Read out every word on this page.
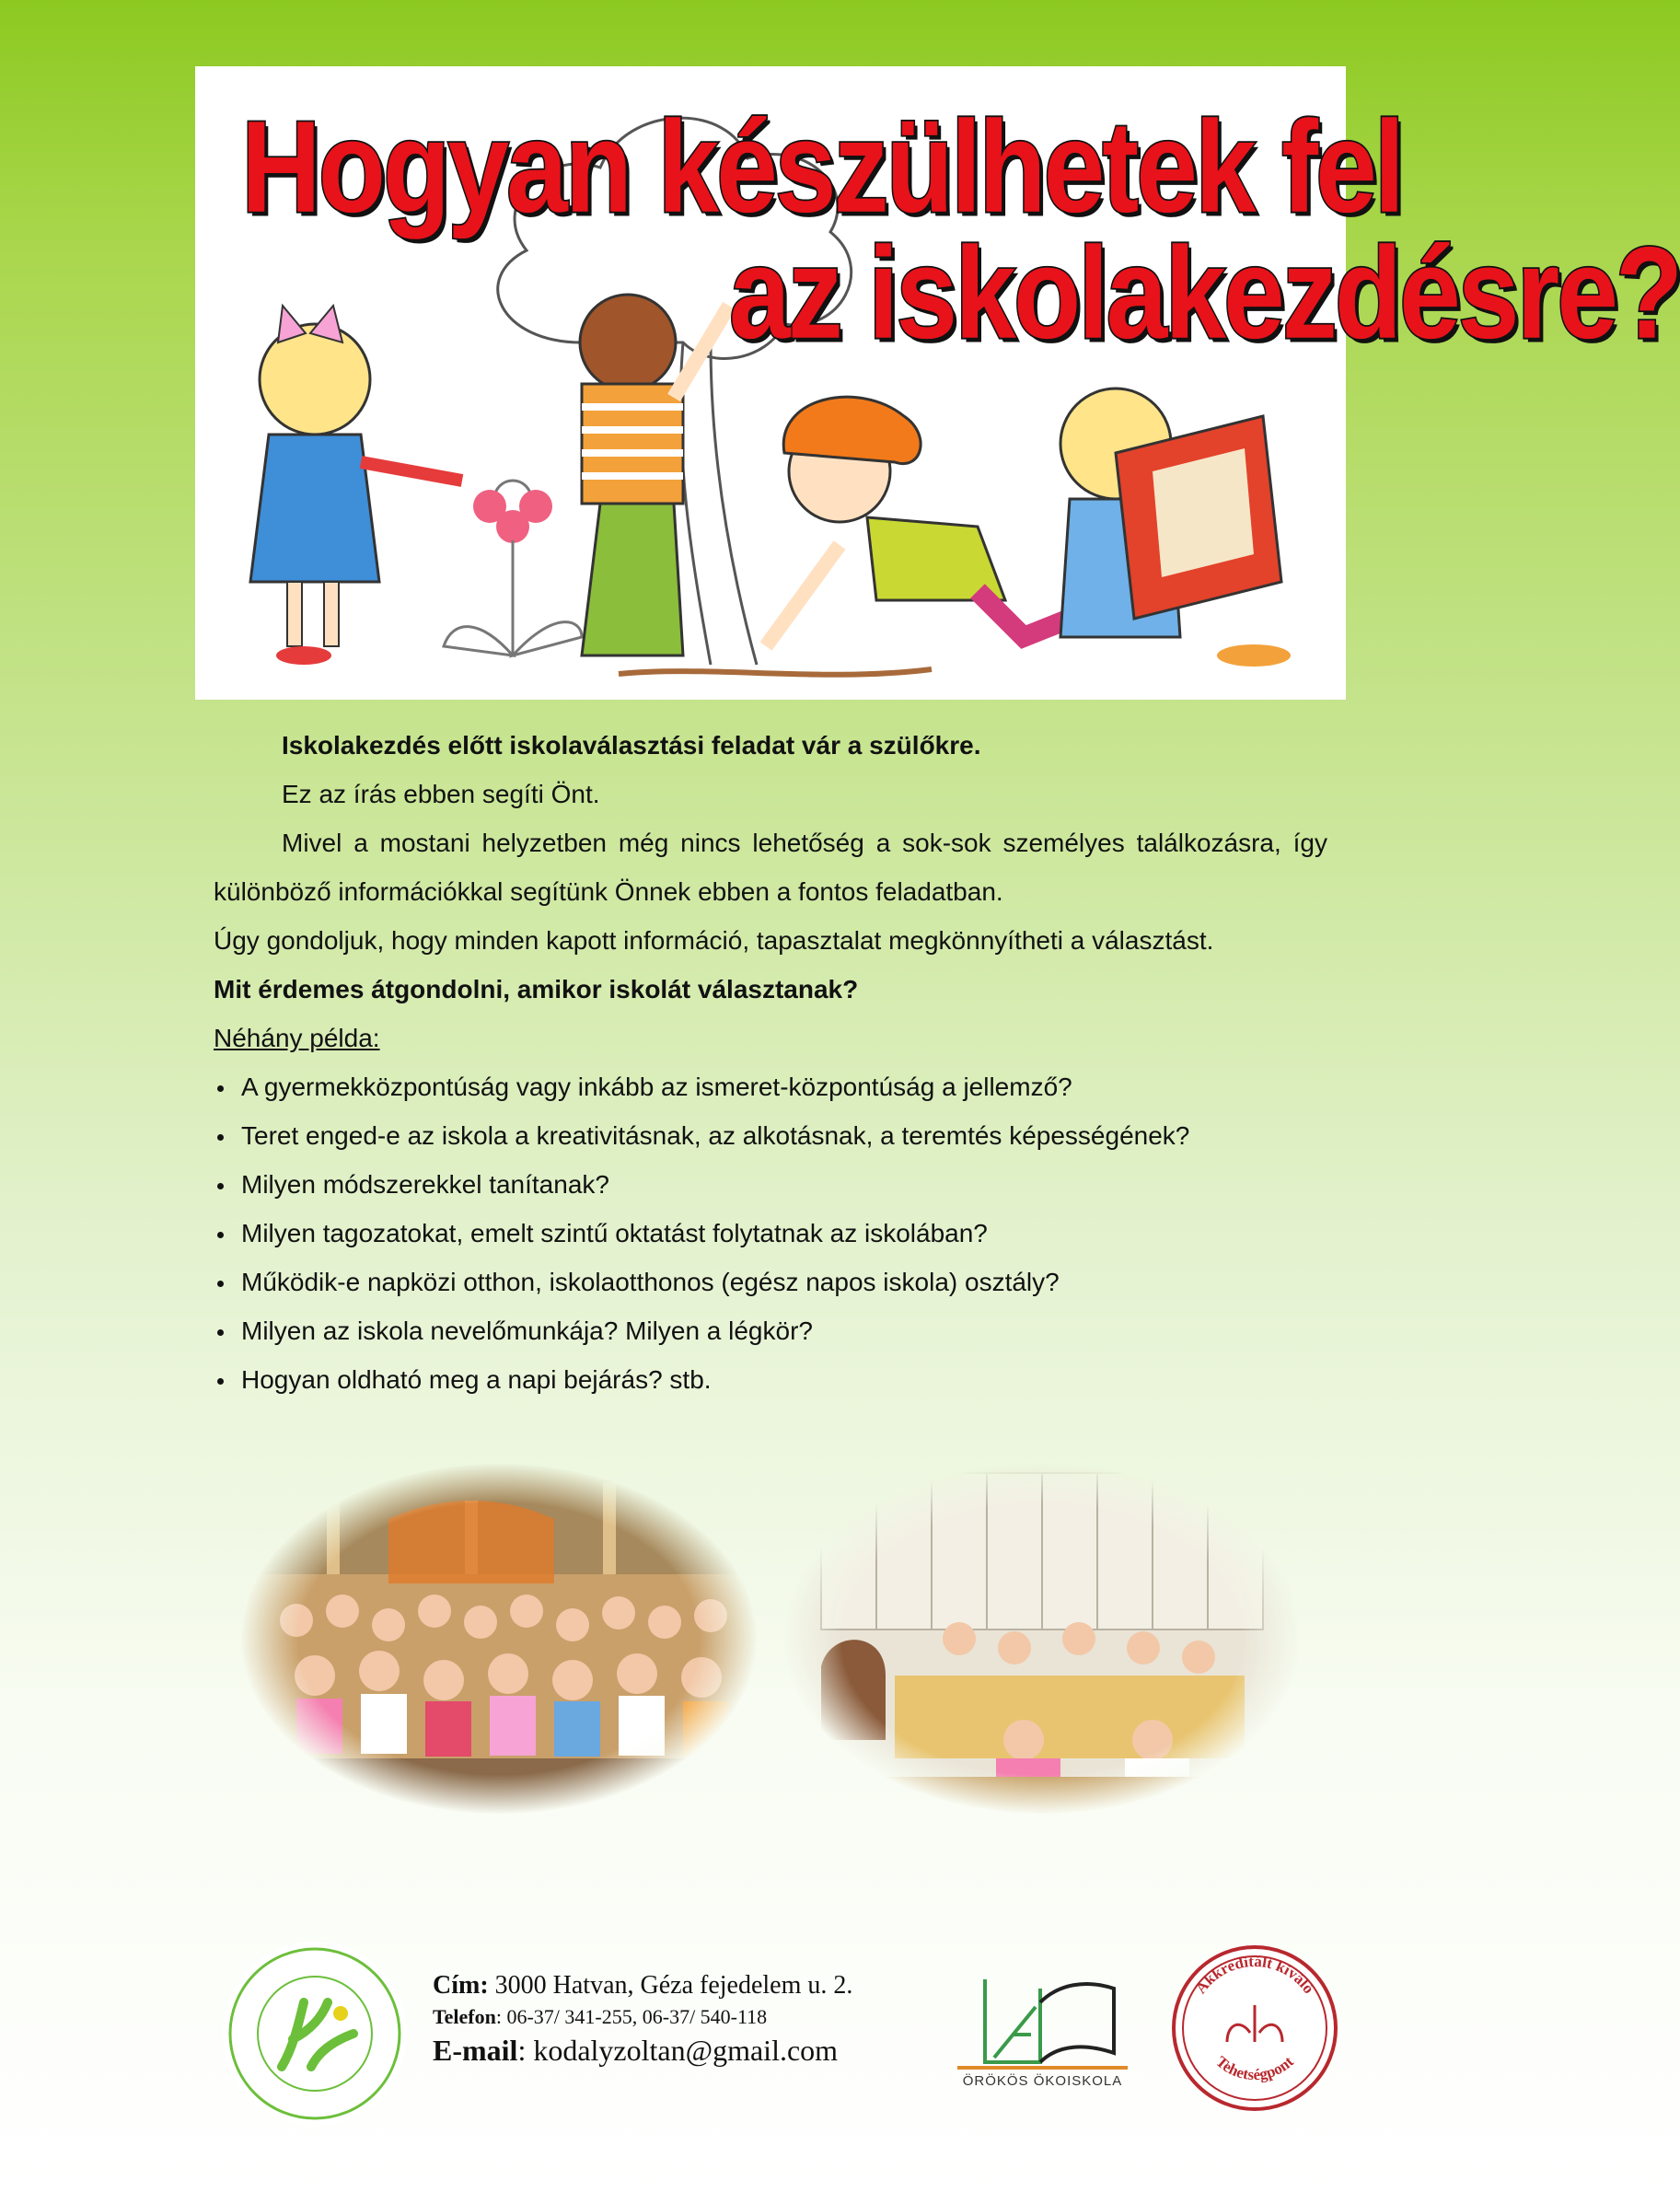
Hogyan készülhetek fel

az iskolakezdésre?

Iskolakezdés előtt iskolaválasztási feladat vár a szülőkre.

Ez az írás ebben segíti Önt.

Mivel a mostani helyzetben még nincs lehetőség a sok-sok személyes találkozásra, így különböző információkkal segítünk Önnek ebben a fontos feladatban.

Úgy gondoljuk, hogy minden kapott információ, tapasztalat megkönnyítheti a választást.

Mit érdemes átgondolni, amikor iskolát választanak?

Néhány példa:

A gyermekközpontúság vagy inkább az ismeret-központúság a jellemző?
Teret enged-e az iskola a kreativitásnak, az alkotásnak, a teremtés képességének?
Milyen módszerekkel tanítanak?
Milyen tagozatokat, emelt szintű oktatást folytatnak az iskolában?
Működik-e napközi otthon, iskolaotthonos (egész napos iskola) osztály?
Milyen az iskola nevelőmunkája? Milyen a légkör?
Hogyan oldható meg a napi bejárás? stb.
Cím: 3000 Hatvan, Géza fejedelem u. 2.
Telefon: 06-37/ 341-255, 06-37/ 540-118
E-mail: kodalyzoltan@gmail.com
ÖRÖKÖS ÖKOISKOLA
Akkreditált kiváló
Tehetségpont
